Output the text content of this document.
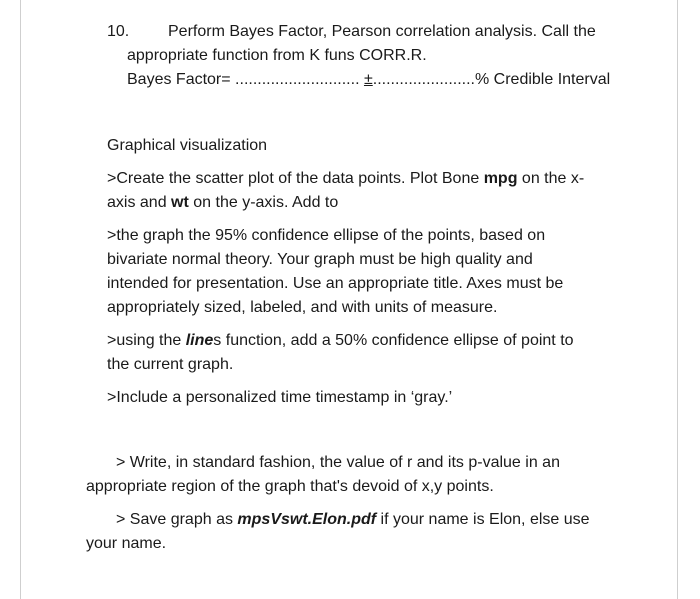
10. Perform Bayes Factor, Pearson correlation analysis. Call the
appropriate function from K funs CORR.R.
Bayes Factor= ............................ ±.......................% Credible Interval
Graphical visualization
>Create the scatter plot of the data points. Plot Bone mpg on the x-
axis and wt on the y-axis. Add to
>the graph the 95% confidence ellipse of the points, based on
bivariate normal theory. Your graph must be high quality and
intended for presentation. Use an appropriate title. Axes must be
appropriately sized, labeled, and with units of measure.
>using the lines function, add a 50% confidence ellipse of point to
the current graph.
>Include a personalized time timestamp in ‘gray.’
> Write, in standard fashion, the value of r and its p-value in an
appropriate region of the graph that's devoid of x,y points.
> Save graph as mpsVswt.Elon.pdf if your name is Elon, else use
your name.
